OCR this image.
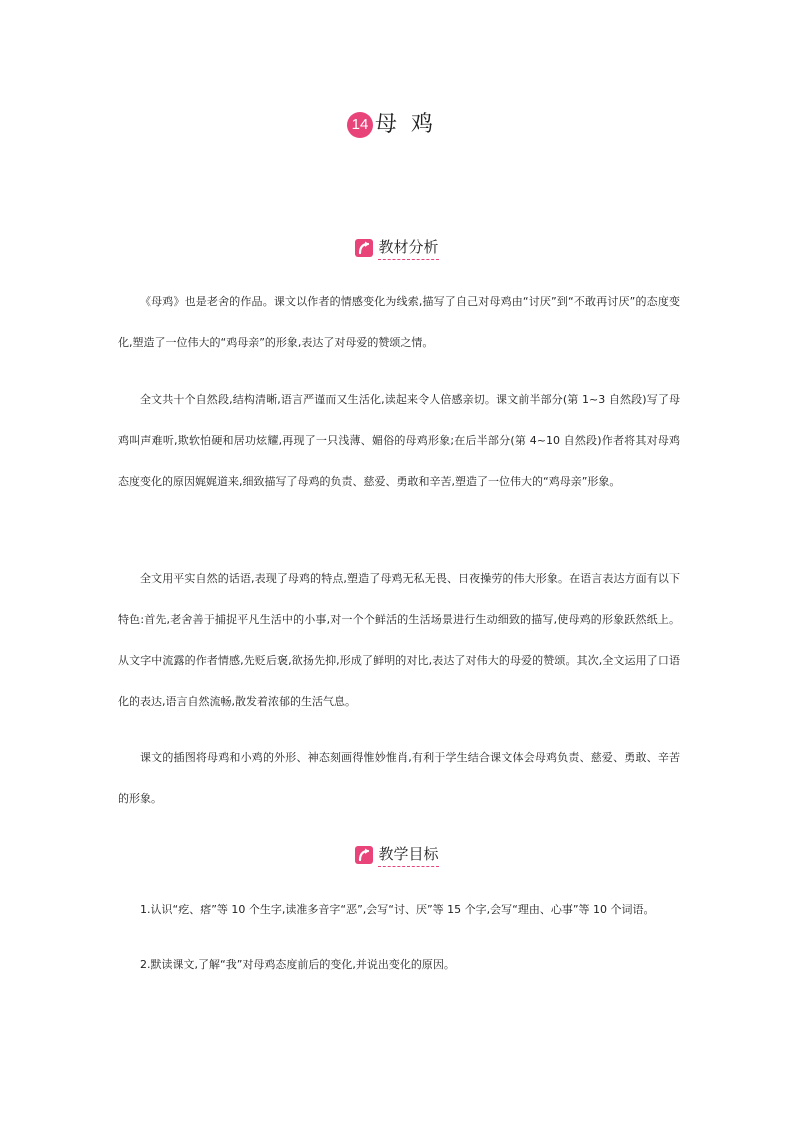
14 母鸡
教材分析

《母鸡》也是老舍的作品。课文以作者的情感变化为线索,描写了自己对母鸡由“讨厌”到“不敢再讨厌”的态度变化,塑造了一位伟大的“鸡母亲”的形象,表达了对母爱的赞颂之情。

全文共十个自然段,结构清晰,语言严谨而又生活化,读起来令人倍感亲切。课文前半部分(第 1~3 自然段)写了母鸡叫声难听,欺软怕硬和居功炫耀,再现了一只浅薄、媚俗的母鸡形象;在后半部分(第 4~10 自然段)作者将其对母鸡态度变化的原因娓娓道来,细致描写了母鸡的负责、慈爱、勇敢和辛苦,塑造了一位伟大的“鸡母亲”形象。

全文用平实自然的话语,表现了母鸡的特点,塑造了母鸡无私无畏、日夜操劳的伟大形象。在语言表达方面有以下特色:首先,老舍善于捕捉平凡生活中的小事,对一个个鲜活的生活场景进行生动细致的描写,使母鸡的形象跃然纸上。从文字中流露的作者情感,先贬后褒,欲扬先抑,形成了鲜明的对比,表达了对伟大的母爱的赞颂。其次,全文运用了口语化的表达,语言自然流畅,散发着浓郁的生活气息。

课文的插图将母鸡和小鸡的外形、神态刻画得惟妙惟肖,有利于学生结合课文体会母鸡负责、慈爱、勇敢、辛苦的形象。

教学目标

1.认识“疙、瘩”等 10 个生字,读准多音字“恶”,会写“讨、厌”等 15 个字,会写“理由、心事”等 10 个词语。

2.默读课文,了解“我”对母鸡态度前后的变化,并说出变化的原因。
